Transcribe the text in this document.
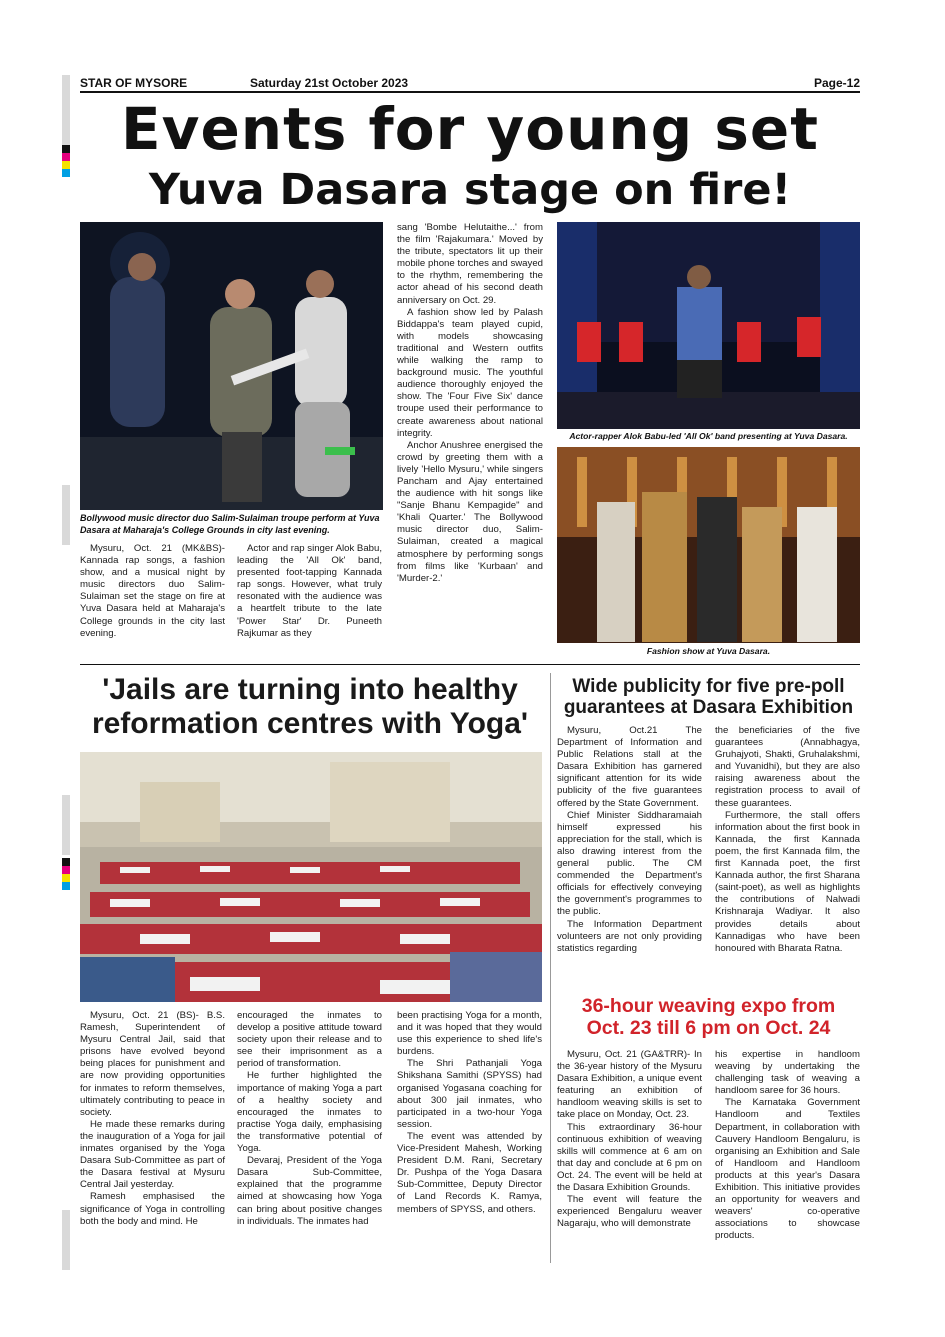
STAR OF MYSORE	Saturday 21st October 2023	Page-12
Events for young set
Yuva Dasara stage on fire!
Bollywood music director duo Salim-Sulaiman troupe perform at Yuva Dasara at Maharaja's College Grounds in city last evening.
Actor-rapper Alok Babu-led 'All Ok' band presenting at Yuva Dasara.
Fashion show at Yuva Dasara.

Mysuru, Oct. 21 (MK&BS)- Kannada rap songs, a fashion show, and a musical night by music directors duo Salim-Sulaiman set the stage on fire at Yuva Dasara held at Maharaja's College grounds in the city last evening.

Actor and rap singer Alok Babu, leading the 'All Ok' band, presented foot-tapping Kannada rap songs. However, what truly resonated with the audience was a heartfelt tribute to the late 'Power Star' Dr. Puneeth Rajkumar as they

sang 'Bombe Helutaithe...' from the film 'Rajakumara.' Moved by the tribute, spectators lit up their mobile phone torches and swayed to the rhythm, remembering the actor ahead of his second death anniversary on Oct. 29.

A fashion show led by Palash Biddappa's team played cupid, with models showcasing traditional and Western outfits while walking the ramp to background music. The youthful audience thoroughly enjoyed the show. The 'Four Five Six' dance troupe used their performance to create awareness about national integrity.

Anchor Anushree energised the crowd by greeting them with a lively 'Hello Mysuru,' while singers Pancham and Ajay entertained the audience with hit songs like "Sanje Bhanu Kempagide" and 'Khali Quarter.' The Bollywood music director duo, Salim-Sulaiman, created a magical atmosphere by performing songs from films like 'Kurbaan' and 'Murder-2.'

'Jails are turning into healthy
reformation centres with Yoga'

Mysuru, Oct. 21 (BS)- B.S. Ramesh, Superintendent of Mysuru Central Jail, said that prisons have evolved beyond being places for punishment and are now providing opportunities for inmates to reform themselves, ultimately contributing to peace in society.

He made these remarks during the inauguration of a Yoga for jail inmates organised by the Yoga Dasara Sub-Committee as part of the Dasara festival at Mysuru Central Jail yesterday.

Ramesh emphasised the significance of Yoga in controlling both the body and mind. He

encouraged the inmates to develop a positive attitude toward society upon their release and to see their imprisonment as a period of transformation.

He further highlighted the importance of making Yoga a part of a healthy society and encouraged the inmates to practise Yoga daily, emphasising the transformative potential of Yoga.

Devaraj, President of the Yoga Dasara Sub-Committee, explained that the programme aimed at showcasing how Yoga can bring about positive changes in individuals. The inmates had

been practising Yoga for a month, and it was hoped that they would use this experience to shed life's burdens.

The Shri Pathanjali Yoga Shikshana Samithi (SPYSS) had organised Yogasana coaching for about 300 jail inmates, who participated in a two-hour Yoga session.

The event was attended by Vice-President Mahesh, Working President D.M. Rani, Secretary Dr. Pushpa of the Yoga Dasara Sub-Committee, Deputy Director of Land Records K. Ramya, members of SPYSS, and others.

Wide publicity for five pre-poll
guarantees at Dasara Exhibition

Mysuru, Oct.21 The Department of Information and Public Relations stall at the Dasara Exhibition has garnered significant attention for its wide publicity of the five guarantees offered by the State Government.

Chief Minister Siddharamaiah himself expressed his appreciation for the stall, which is also drawing interest from the general public. The CM commended the Department's officials for effectively conveying the government's programmes to the public.

The Information Department volunteers are not only providing statistics regarding

the beneficiaries of the five guarantees (Annabhagya, Gruhajyoti, Shakti, Gruhalakshmi, and Yuvanidhi), but they are also raising awareness about the registration process to avail of these guarantees.

Furthermore, the stall offers information about the first book in Kannada, the first Kannada poem, the first Kannada film, the first Kannada poet, the first Kannada author, the first Sharana (saint-poet), as well as highlights the contributions of Nalwadi Krishnaraja Wadiyar. It also provides details about Kannadigas who have been honoured with Bharata Ratna.

36-hour weaving expo from
Oct. 23 till 6 pm on Oct. 24

Mysuru, Oct. 21 (GA&TRR)- In the 36-year history of the Mysuru Dasara Exhibition, a unique event featuring an exhibition of handloom weaving skills is set to take place on Monday, Oct. 23.

This extraordinary 36-hour continuous exhibition of weaving skills will commence at 6 am on that day and conclude at 6 pm on Oct. 24. The event will be held at the Dasara Exhibition Grounds.

The event will feature the experienced Bengaluru weaver Nagaraju, who will demonstrate

his expertise in handloom weaving by undertaking the challenging task of weaving a handloom saree for 36 hours.

The Karnataka Government Handloom and Textiles Department, in collaboration with Cauvery Handloom Bengaluru, is organising an Exhibition and Sale of Handloom and Handloom products at this year's Dasara Exhibition. This initiative provides an opportunity for weavers and weavers' co-operative associations to showcase products.
